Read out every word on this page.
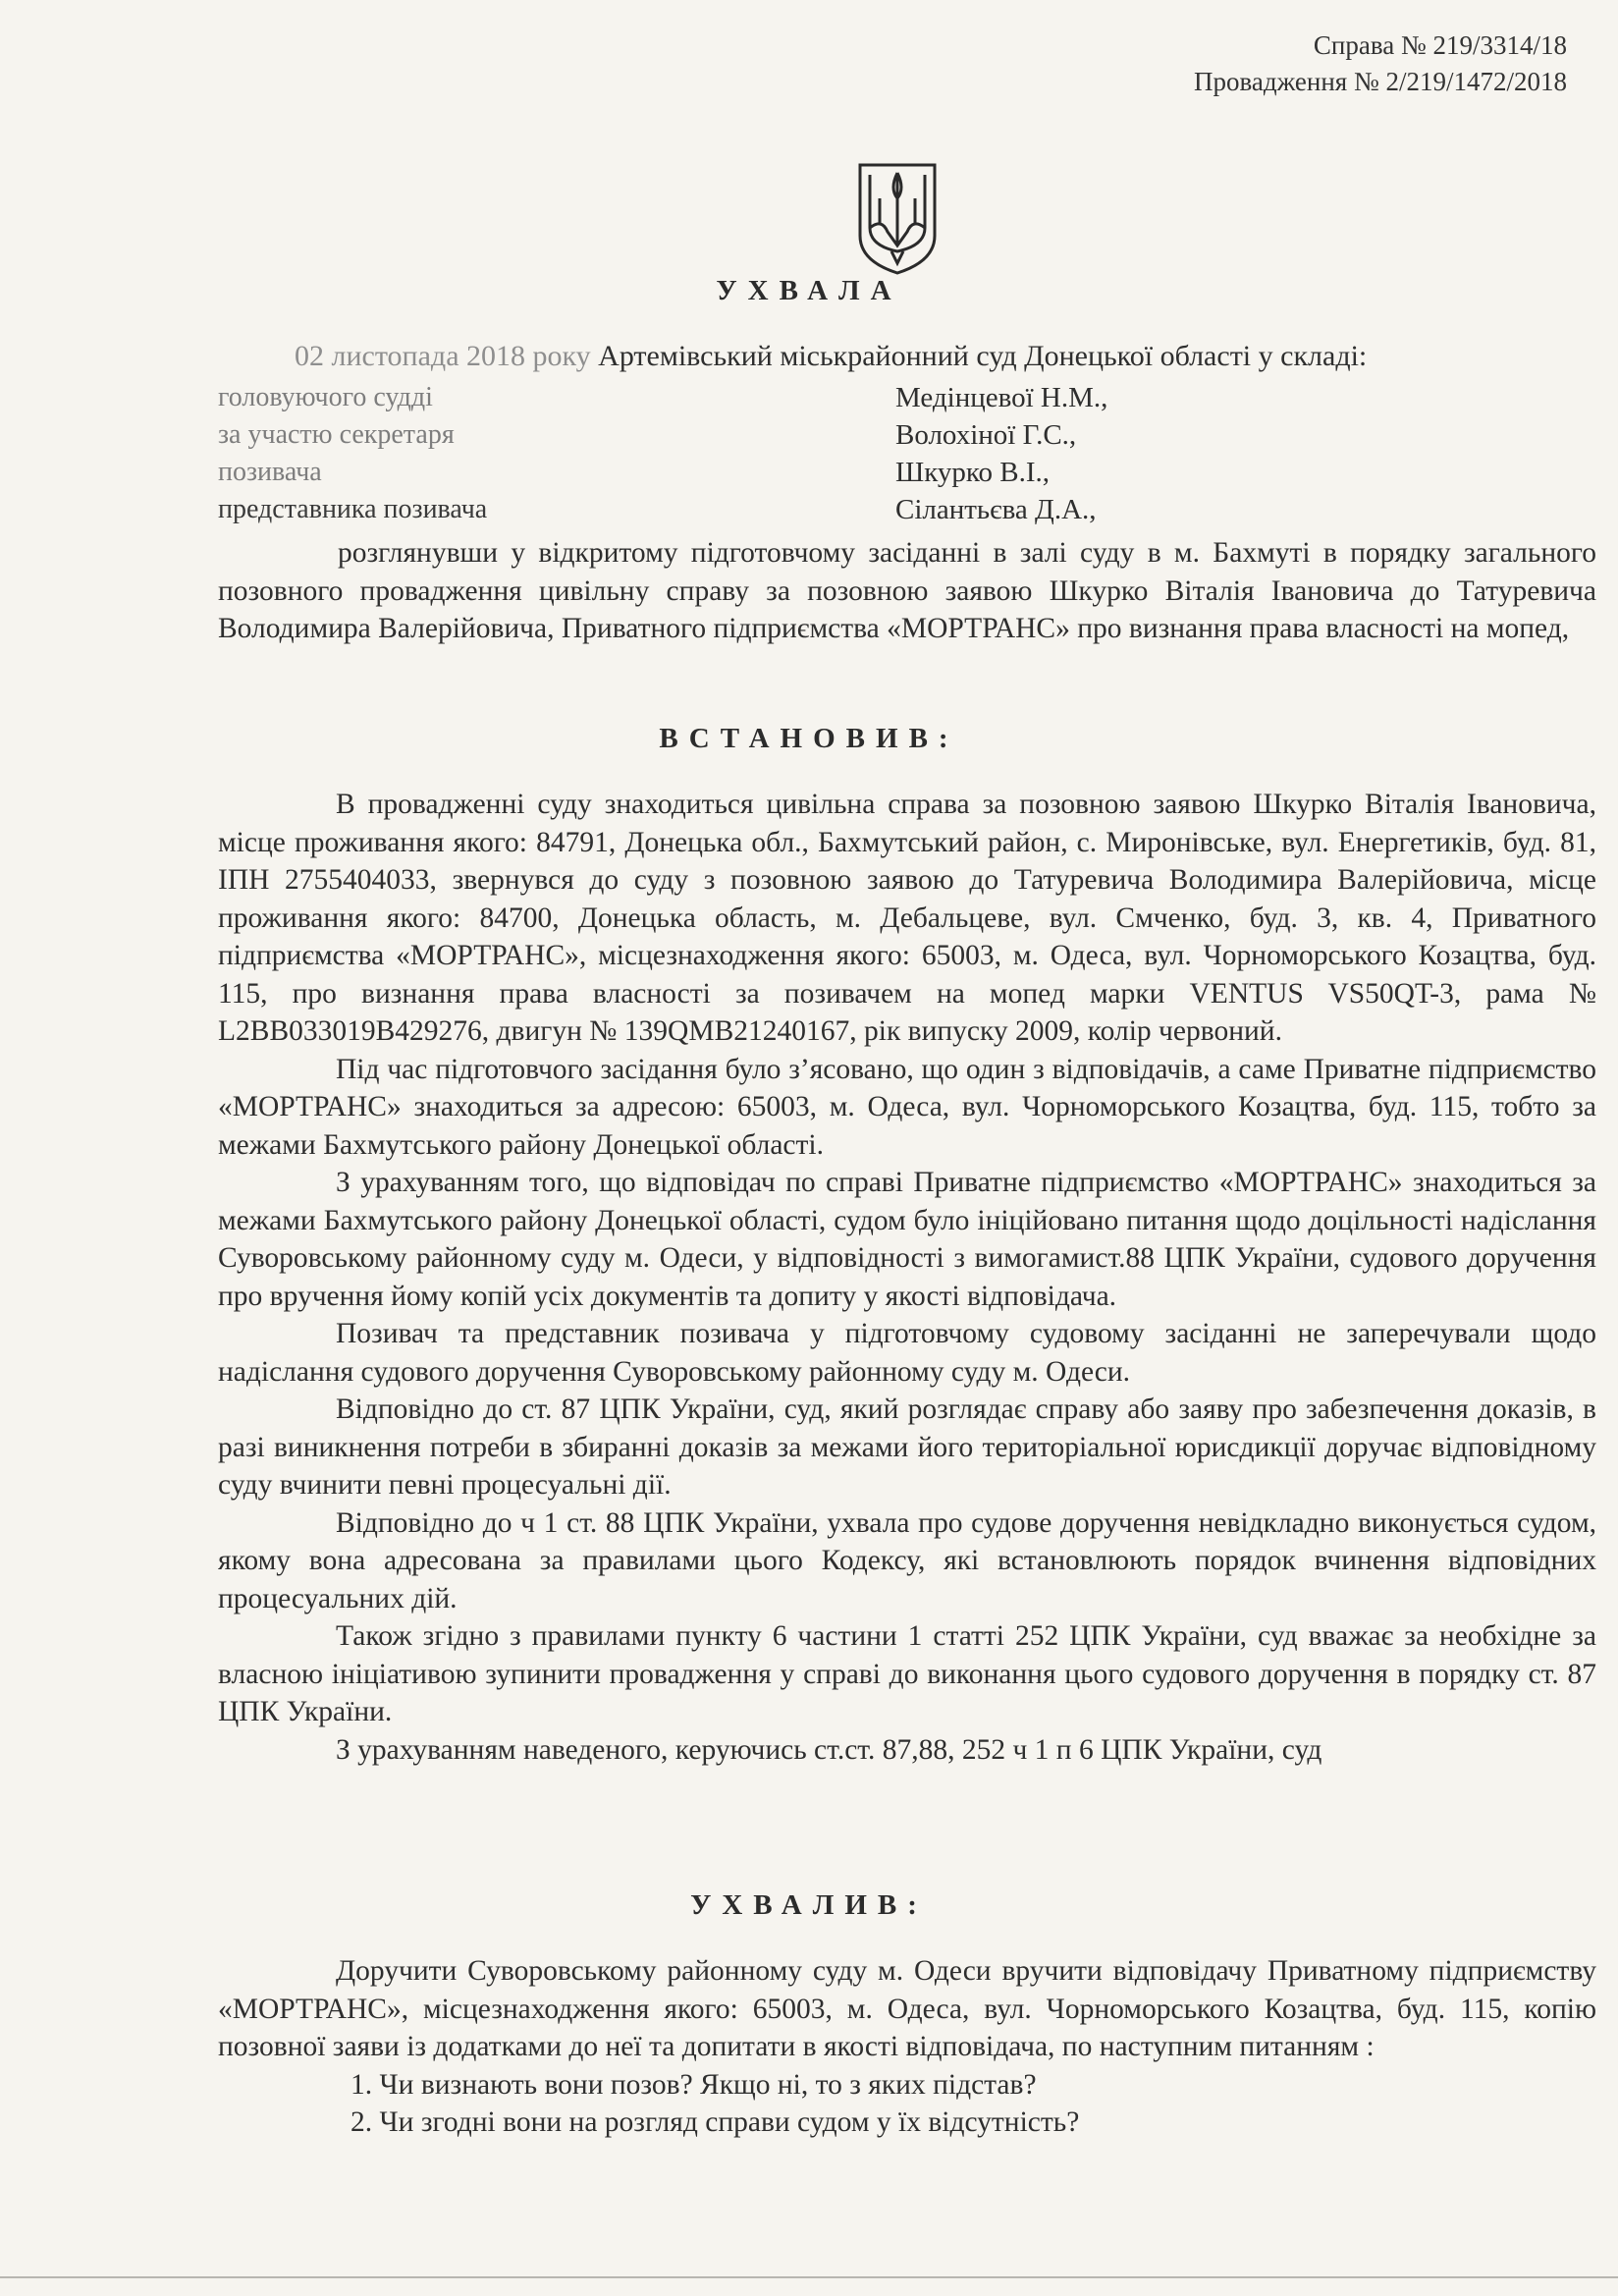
Справа № 219/3314/18
Провадження № 2/219/1472/2018
УХВАЛА
02 листопада 2018 року Артемівський міськрайонний суд Донецької області у складі:
головуючого судді
за участю секретаря
позивача
представника позивача
Медінцевої Н.М.,
Волохіної Г.С.,
Шкурко В.І.,
Сілантьєва Д.А.,

розглянувши у відкритому підготовчому засіданні в залі суду в м. Бахмуті в порядку загального позовного провадження цивільну справу за позовною заявою Шкурко Віталія Івановича до Татуревича Володимира Валерійовича, Приватного підприємства «МОРТРАНС» про визнання права власності на мопед,

ВСТАНОВИВ:

В провадженні суду знаходиться цивільна справа за позовною заявою Шкурко Віталія Івановича, місце проживання якого: 84791, Донецька обл., Бахмутський район, с. Миронівське, вул. Енергетиків, буд. 81, ІПН 2755404033, звернувся до суду з позовною заявою до Татуревича Володимира Валерійовича, місце проживання якого: 84700, Донецька область, м. Дебальцеве, вул. Смченко, буд. 3, кв. 4, Приватного підприємства «МОРТРАНС», місцезнаходження якого: 65003, м. Одеса, вул. Чорноморського Козацтва, буд. 115, про визнання права власності за позивачем на мопед марки VENTUS VS50QT-3, рама № L2BB033019B429276, двигун № 139QMB21240167, рік випуску 2009, колір червоний.

Під час підготовчого засідання було з’ясовано, що один з відповідачів, а саме Приватне підприємство «МОРТРАНС» знаходиться за адресою: 65003, м. Одеса, вул. Чорноморського Козацтва, буд. 115, тобто за межами Бахмутського району Донецької області.

З урахуванням того, що відповідач по справі Приватне підприємство «МОРТРАНС» знаходиться за межами Бахмутського району Донецької області, судом було ініційовано питання щодо доцільності надіслання Суворовському районному суду м. Одеси, у відповідності з вимогамист.88 ЦПК України, судового доручення про вручення йому копій усіх документів та допиту у якості відповідача.

Позивач та представник позивача у підготовчому судовому засіданні не заперечували щодо надіслання судового доручення Суворовському районному суду м. Одеси.

Відповідно до ст. 87 ЦПК України, суд, який розглядає справу або заяву про забезпечення доказів, в разі виникнення потреби в збиранні доказів за межами його територіальної юрисдикції доручає відповідному суду вчинити певні процесуальні дії.

Відповідно до ч 1 ст. 88 ЦПК України, ухвала про судове доручення невідкладно виконується судом, якому вона адресована за правилами цього Кодексу, які встановлюють порядок вчинення відповідних процесуальних дій.

Також згідно з правилами пункту 6 частини 1 статті 252 ЦПК України, суд вважає за необхідне за власною ініціативою зупинити провадження у справі до виконання цього судового доручення в порядку ст. 87 ЦПК України.

З урахуванням наведеного, керуючись ст.ст. 87,88, 252 ч 1 п 6 ЦПК України, суд

УХВАЛИВ:

Доручити Суворовському районному суду м. Одеси вручити відповідачу Приватному підприємству «МОРТРАНС», місцезнаходження якого: 65003, м. Одеса, вул. Чорноморського Козацтва, буд. 115, копію позовної заяви із додатками до неї та допитати в якості відповідача, по наступним питанням :

1. Чи визнають вони позов? Якщо ні, то з яких підстав?

2. Чи згодні вони на розгляд справи судом у їх відсутність?
